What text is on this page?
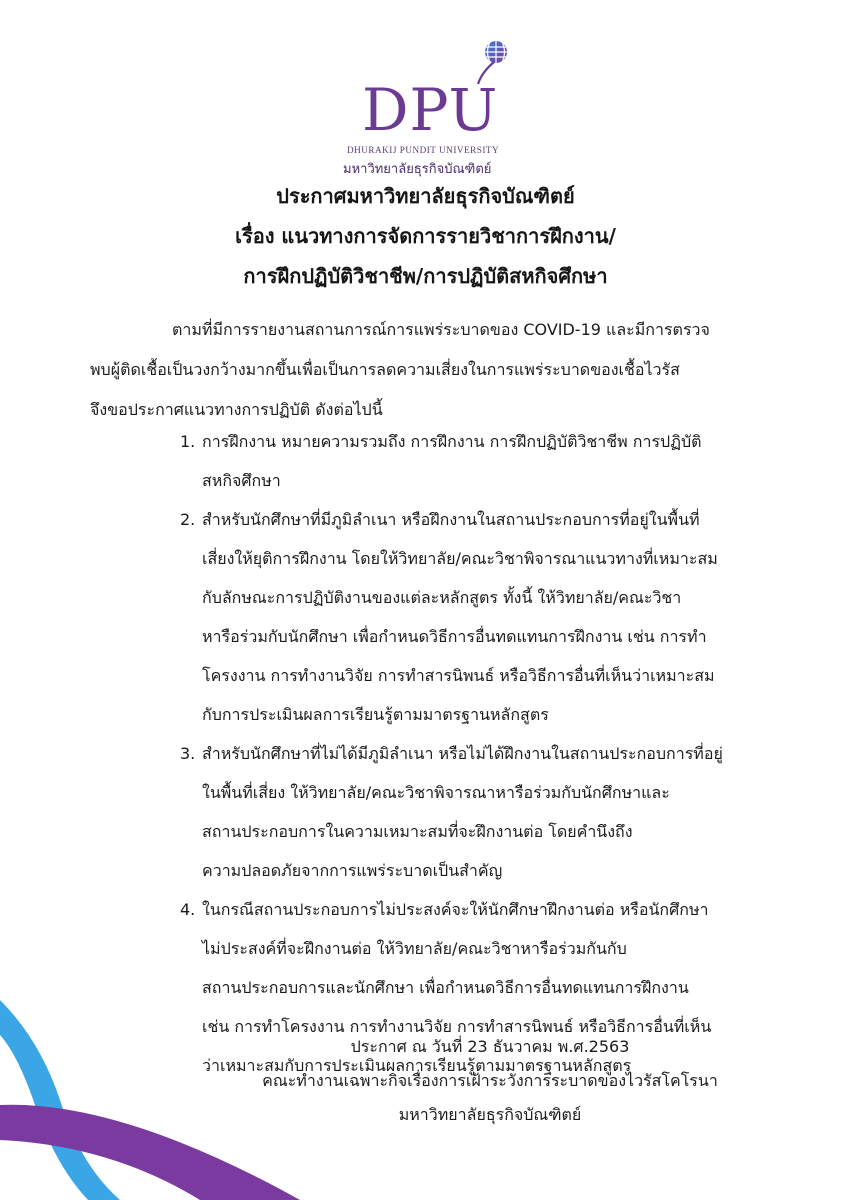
DPU
DHURAKIJ PUNDIT UNIVERSITY
มหาวิทยาลัยธุรกิจบัณฑิตย์
ประกาศมหาวิทยาลัยธุรกิจบัณฑิตย์
เรื่อง แนวทางการจัดการรายวิชาการฝึกงาน/
การฝึกปฏิบัติวิชาชีพ/การปฏิบัติสหกิจศึกษา
ตามที่มีการรายงานสถานการณ์การแพร่ระบาดของ COVID-19 และมีการตรวจ
พบผู้ติดเชื้อเป็นวงกว้างมากขึ้นเพื่อเป็นการลดความเสี่ยงในการแพร่ระบาดของเชื้อไวรัส
จึงขอประกาศแนวทางการปฏิบัติ ดังต่อไปนี้
1. การฝึกงาน หมายความรวมถึง การฝึกงาน การฝึกปฏิบัติวิชาชีพ การปฏิบัติ
สหกิจศึกษา
2. สำหรับนักศึกษาที่มีภูมิลำเนา หรือฝึกงานในสถานประกอบการที่อยู่ในพื้นที่
เสี่ยงให้ยุติการฝึกงาน โดยให้วิทยาลัย/คณะวิชาพิจารณาแนวทางที่เหมาะสม
กับลักษณะการปฏิบัติงานของแต่ละหลักสูตร ทั้งนี้ ให้วิทยาลัย/คณะวิชา
หารือร่วมกับนักศึกษา เพื่อกำหนดวิธีการอื่นทดแทนการฝึกงาน เช่น การทำ
โครงงาน การทำงานวิจัย การทำสารนิพนธ์ หรือวิธีการอื่นที่เห็นว่าเหมาะสม
กับการประเมินผลการเรียนรู้ตามมาตรฐานหลักสูตร
3. สำหรับนักศึกษาที่ไม่ได้มีภูมิลำเนา หรือไม่ได้ฝึกงานในสถานประกอบการที่อยู่
ในพื้นที่เสี่ยง ให้วิทยาลัย/คณะวิชาพิจารณาหารือร่วมกับนักศึกษาและ
สถานประกอบการในความเหมาะสมที่จะฝึกงานต่อ โดยคำนึงถึง
ความปลอดภัยจากการแพร่ระบาดเป็นสำคัญ
4. ในกรณีสถานประกอบการไม่ประสงค์จะให้นักศึกษาฝึกงานต่อ หรือนักศึกษา
ไม่ประสงค์ที่จะฝึกงานต่อ ให้วิทยาลัย/คณะวิชาหารือร่วมกันกับ
สถานประกอบการและนักศึกษา เพื่อกำหนดวิธีการอื่นทดแทนการฝึกงาน
เช่น การทำโครงงาน การทำงานวิจัย การทำสารนิพนธ์ หรือวิธีการอื่นที่เห็น
ว่าเหมาะสมกับการประเมินผลการเรียนรู้ตามมาตรฐานหลักสูตร
ประกาศ ณ วันที่ 23 ธันวาคม พ.ศ.2563
คณะทำงานเฉพาะกิจเรื่องการเฝ้าระวังการระบาดของไวรัสโคโรนา
มหาวิทยาลัยธุรกิจบัณฑิตย์
